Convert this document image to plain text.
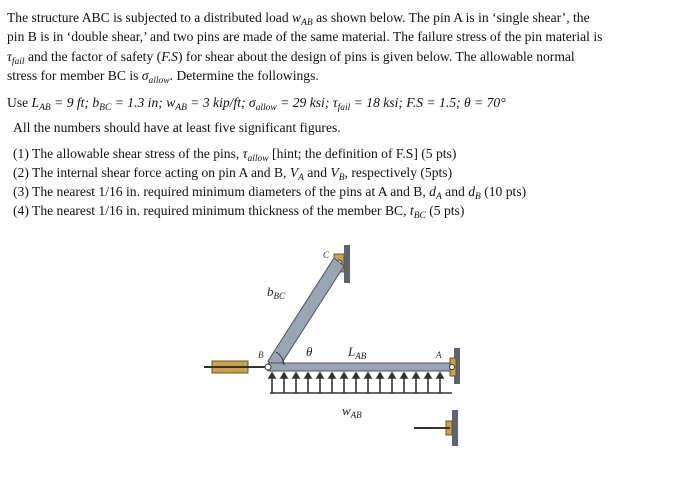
The structure ABC is subjected to a distributed load $w_{AB}$ as shown below. The pin A is in ‘single shear’, the
pin B is in ‘double shear,’ and two pins are made of the same material. The failure stress of the pin material is
$\tau_{fail}$ and the factor of safety (F.S) for shear about the design of pins is given below. The allowable normal
stress for member BC is $\sigma_{allow}$. Determine the followings.
Use $L_{AB} = 9$ ft; $b_{BC} = 1.3$ in; $w_{AB} = 3$ kip/ft; $\sigma_{allow} = 29$ ksi; $\tau_{fail} = 18$ ksi; F.S = 1.5; θ = 70°
All the numbers should have at least five significant figures.
(1) The allowable shear stress of the pins, $\tau_{allow}$ [hint; the definition of F.S] (5 pts)
(2) The internal shear force acting on pin A and B, $V_A$ and $V_B$, respectively (5pts)
(3) The nearest 1/16 in. required minimum diameters of the pins at A and B, $d_A$ and $d_B$ (10 pts)
(4) The nearest 1/16 in. required minimum thickness of the member BC, $t_{BC}$ (5 pts)
C
B	A
$b_{BC}$
θ	$L_{AB}$
$w_{AB}$
